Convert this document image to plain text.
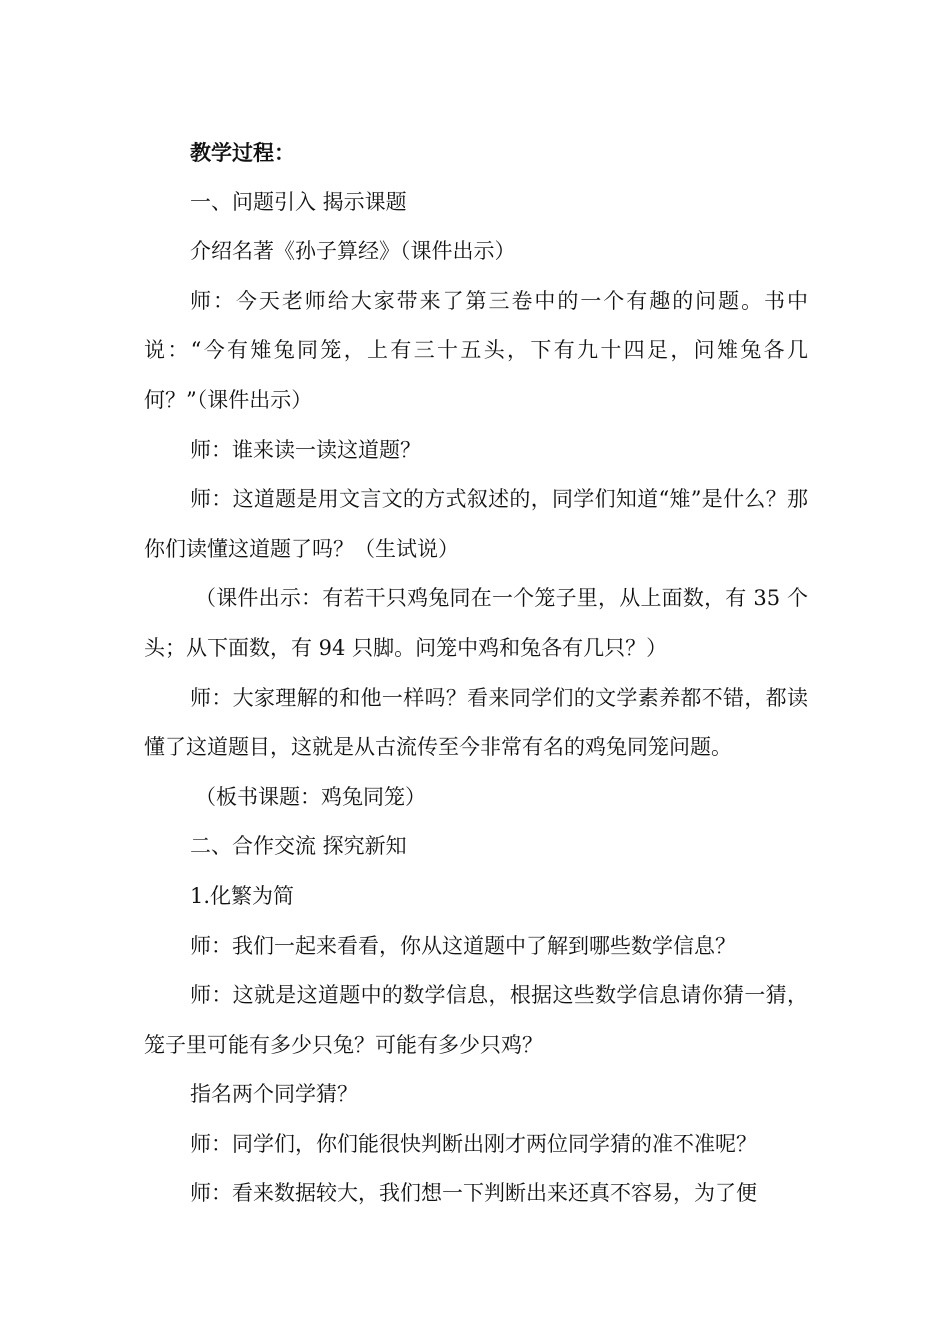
教学过程：

一、问题引入 揭示课题

介绍名著《孙子算经》（课件出示）

师：今天老师给大家带来了第三卷中的一个有趣的问题。书中说：“今有雉兔同笼，上有三十五头，下有九十四足，问雉兔各几何？”（课件出示）

师：谁来读一读这道题？

师：这道题是用文言文的方式叙述的，同学们知道“雉”是什么？那你们读懂这道题了吗？（生试说）

（课件出示：有若干只鸡兔同在一个笼子里，从上面数，有 35 个头；从下面数，有 94 只脚。问笼中鸡和兔各有几只？）

师：大家理解的和他一样吗？看来同学们的文学素养都不错，都读懂了这道题目，这就是从古流传至今非常有名的鸡兔同笼问题。

（板书课题：鸡兔同笼）

二、合作交流 探究新知

1.化繁为简

师：我们一起来看看，你从这道题中了解到哪些数学信息？

师：这就是这道题中的数学信息，根据这些数学信息请你猜一猜，笼子里可能有多少只兔？可能有多少只鸡？

指名两个同学猜？

师：同学们，你们能很快判断出刚才两位同学猜的准不准呢？

师：看来数据较大，我们想一下判断出来还真不容易，为了便
